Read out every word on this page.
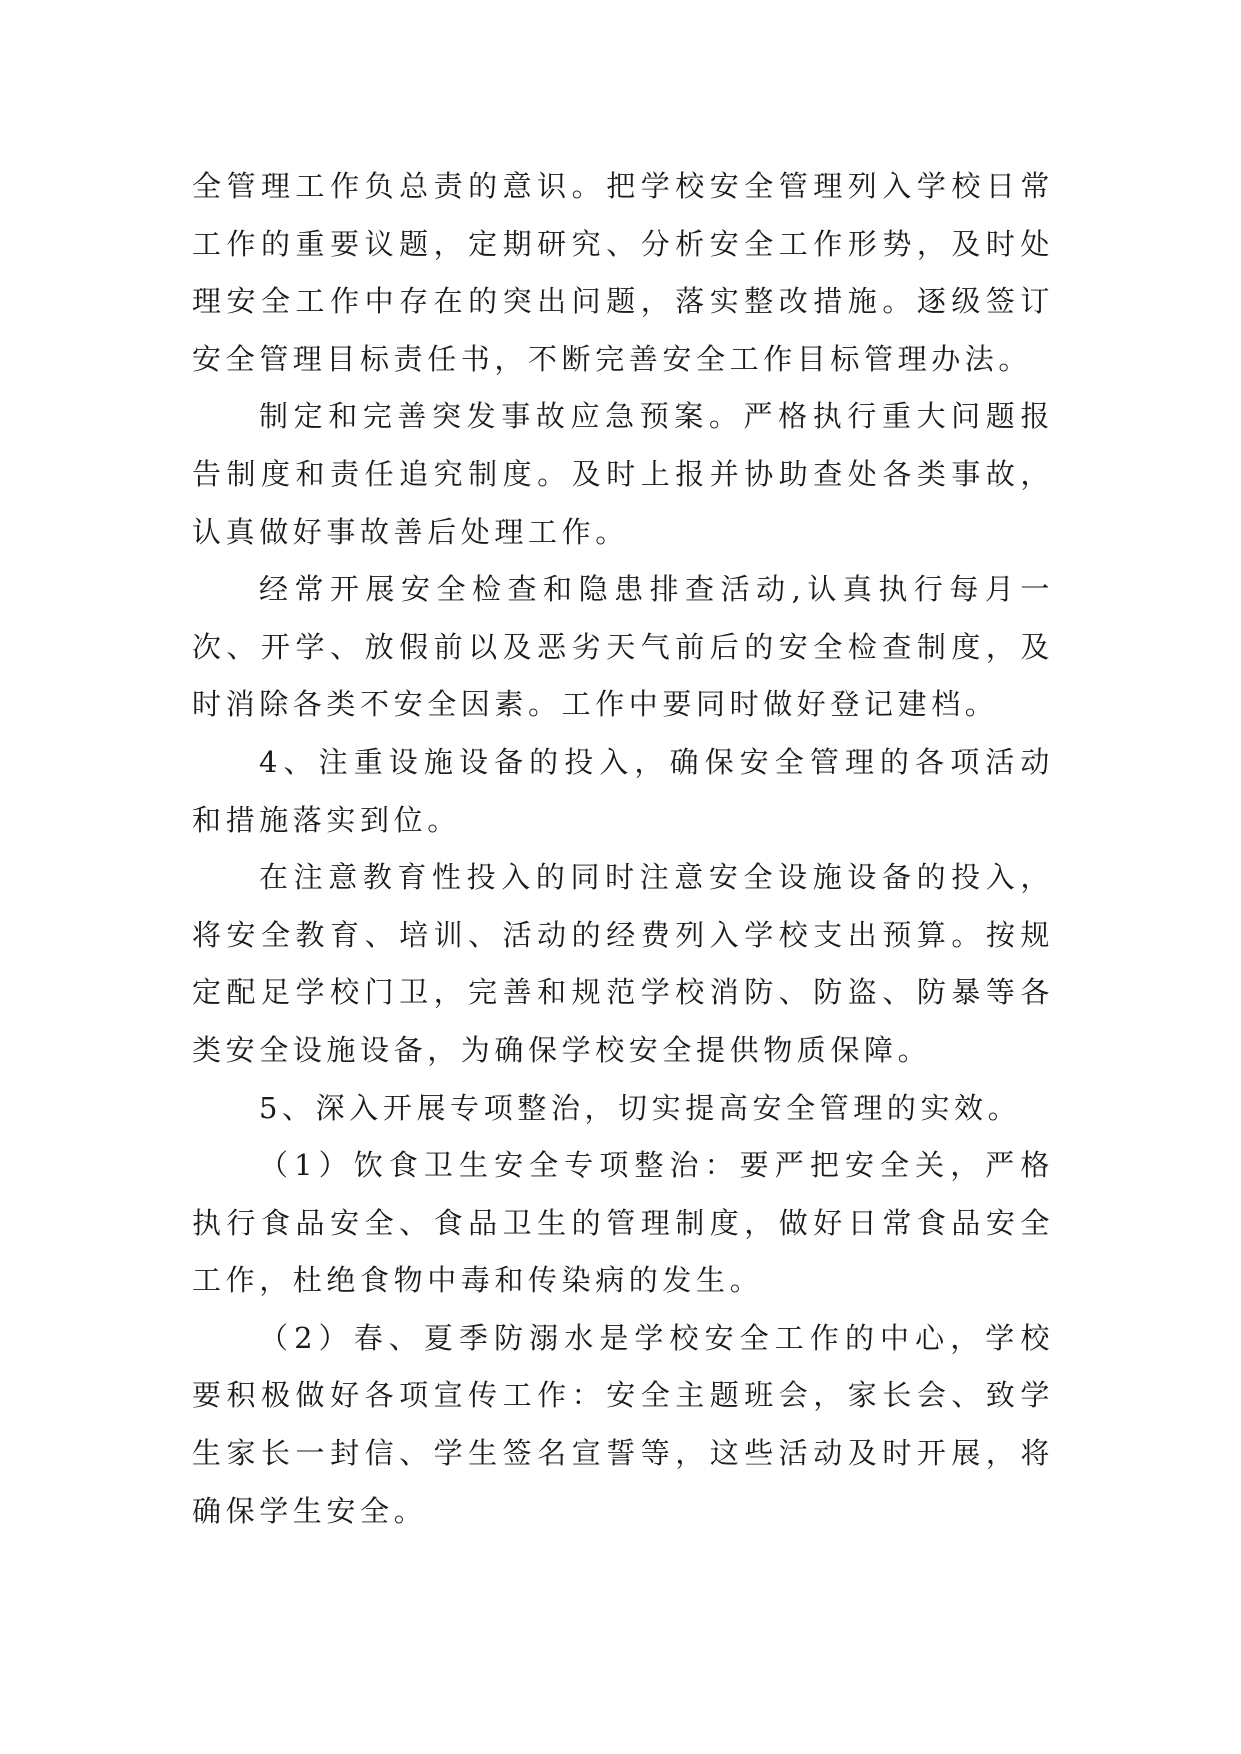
全管理工作负总责的意识。把学校安全管理列入学校日常工作的重要议题，定期研究、分析安全工作形势，及时处理安全工作中存在的突出问题，落实整改措施。逐级签订安全管理目标责任书，不断完善安全工作目标管理办法。

制定和完善突发事故应急预案。严格执行重大问题报告制度和责任追究制度。及时上报并协助查处各类事故，认真做好事故善后处理工作。

经常开展安全检查和隐患排查活动,认真执行每月一次、开学、放假前以及恶劣天气前后的安全检查制度，及时消除各类不安全因素。工作中要同时做好登记建档。

4、注重设施设备的投入，确保安全管理的各项活动和措施落实到位。

在注意教育性投入的同时注意安全设施设备的投入，将安全教育、培训、活动的经费列入学校支出预算。按规定配足学校门卫，完善和规范学校消防、防盗、防暴等各类安全设施设备，为确保学校安全提供物质保障。

5、深入开展专项整治，切实提高安全管理的实效。

（1）饮食卫生安全专项整治：要严把安全关，严格执行食品安全、食品卫生的管理制度，做好日常食品安全工作，杜绝食物中毒和传染病的发生。

（2）春、夏季防溺水是学校安全工作的中心，学校要积极做好各项宣传工作：安全主题班会，家长会、致学生家长一封信、学生签名宣誓等，这些活动及时开展，将确保学生安全。
